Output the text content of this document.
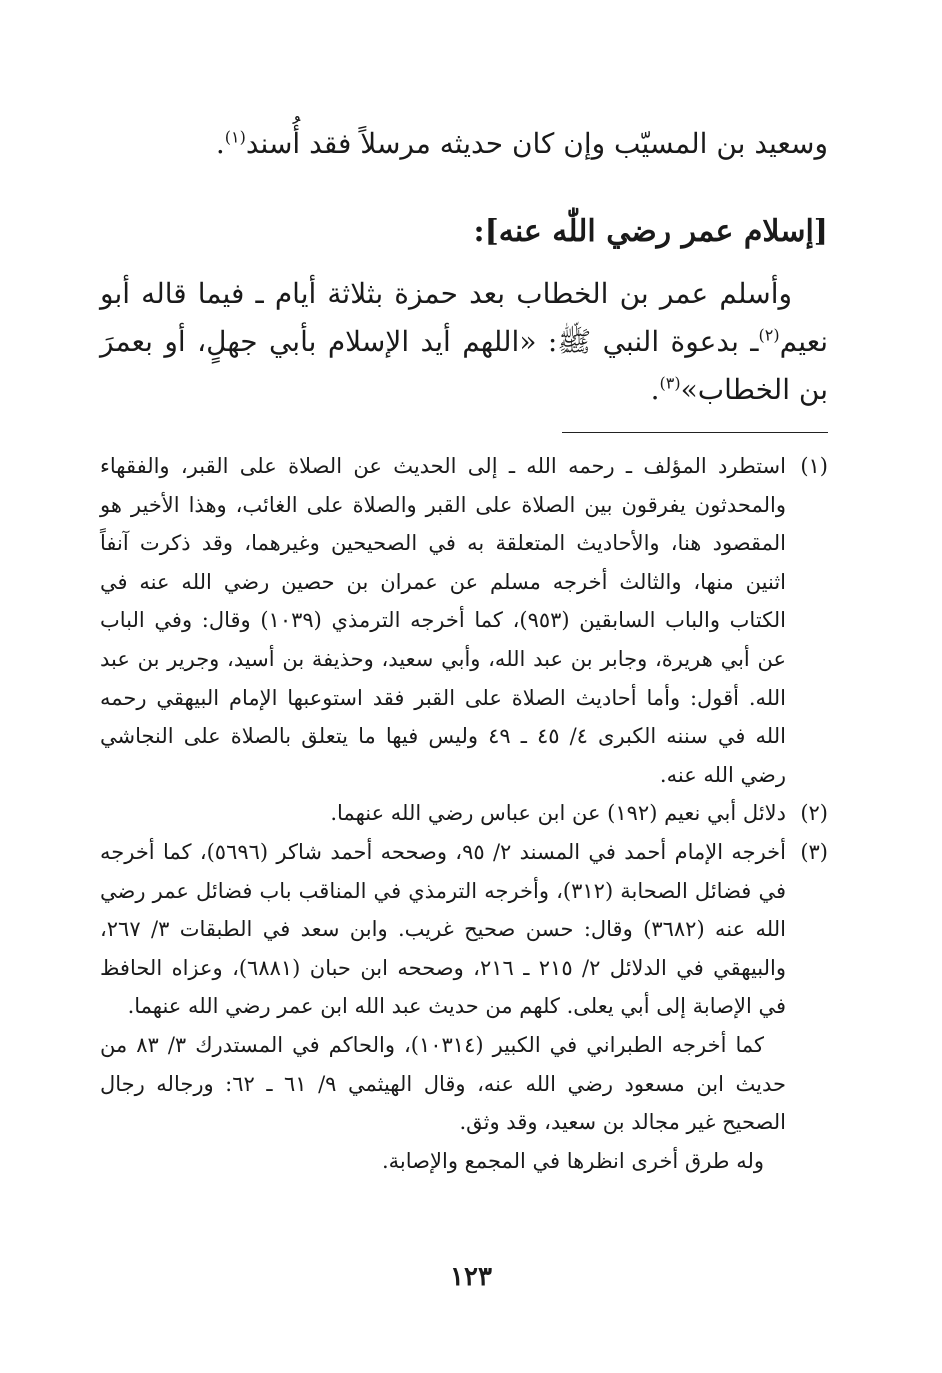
وسعيد بن المسيّب وإن كان حديثه مرسلاً فقد أُسند$^{(١)}$.

[إسلام عمر رضي اللّٰه عنه]:

وأسلم عمر بن الخطاب بعد حمزة بثلاثة أيام ـ فيما قاله أبو نعيم$^{(٢)}$ـ بدعوة النبي ﷺ: «اللهم أيد الإسلام بأبي جهلٍ، أو بعمرَ بن الخطاب»$^{(٣)}$.

(١)

استطرد المؤلف ـ رحمه الله ـ إلى الحديث عن الصلاة على القبر، والفقهاء والمحدثون يفرقون بين الصلاة على القبر والصلاة على الغائب، وهذا الأخير هو المقصود هنا، والأحاديث المتعلقة به في الصحيحين وغيرهما، وقد ذكرت آنفاً اثنين منها، والثالث أخرجه مسلم عن عمران بن حصين رضي الله عنه في الكتاب والباب السابقين (٩٥٣)، كما أخرجه الترمذي (١٠٣٩) وقال: وفي الباب عن أبي هريرة، وجابر بن عبد الله، وأبي سعيد، وحذيفة بن أسيد، وجرير بن عبد الله. أقول: وأما أحاديث الصلاة على القبر فقد استوعبها الإمام البيهقي رحمه الله في سننه الكبرى ٤/ ٤٥ ـ ٤٩ وليس فيها ما يتعلق بالصلاة على النجاشي رضي الله عنه.

(٢)

دلائل أبي نعيم (١٩٢) عن ابن عباس رضي الله عنهما.

(٣)

أخرجه الإمام أحمد في المسند ٢/ ٩٥، وصححه أحمد شاكر (٥٦٩٦)، كما أخرجه في فضائل الصحابة (٣١٢)، وأخرجه الترمذي في المناقب باب فضائل عمر رضي الله عنه (٣٦٨٢) وقال: حسن صحيح غريب. وابن سعد في الطبقات ٣/ ٢٦٧، والبيهقي في الدلائل ٢/ ٢١٥ ـ ٢١٦، وصححه ابن حبان (٦٨٨١)، وعزاه الحافظ في الإصابة إلى أبي يعلى. كلهم من حديث عبد الله ابن عمر رضي الله عنهما.

كما أخرجه الطبراني في الكبير (١٠٣١٤)، والحاكم في المستدرك ٣/ ٨٣ من حديث ابن مسعود رضي الله عنه، وقال الهيثمي ٩/ ٦١ ـ ٦٢: ورجاله رجال الصحيح غير مجالد بن سعيد، وقد وثق.

وله طرق أخرى انظرها في المجمع والإصابة.

١٢٣
